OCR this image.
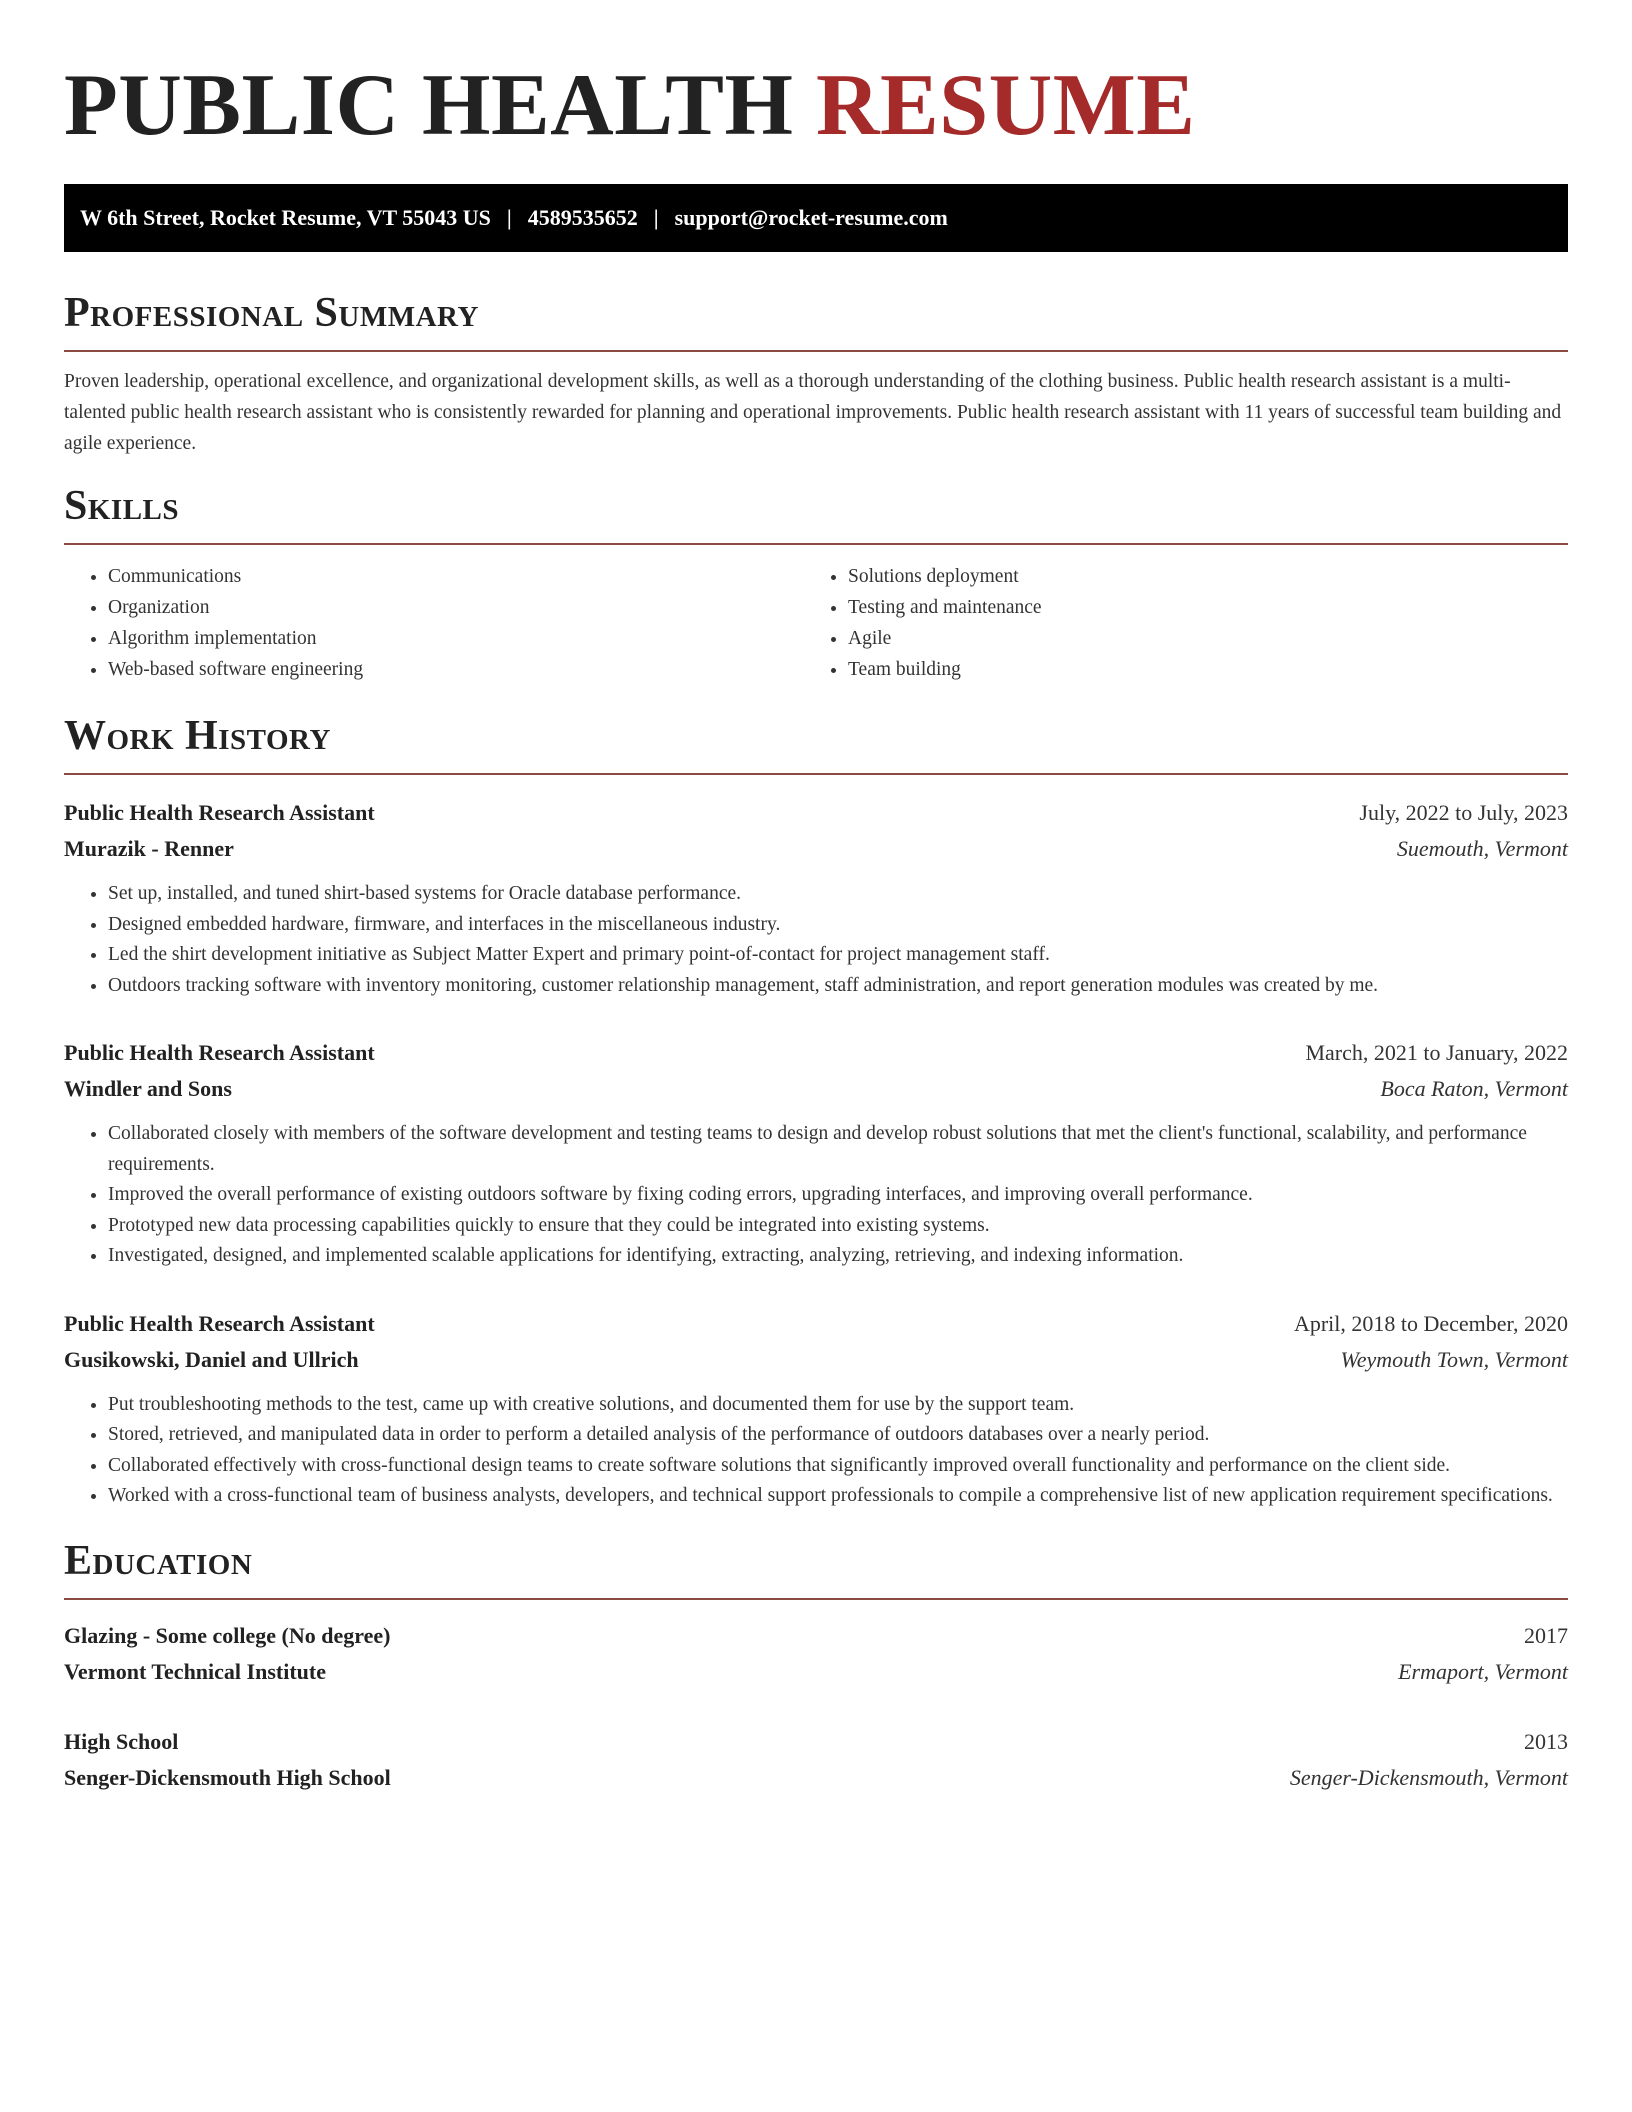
PUBLIC HEALTH RESUME
W 6th Street, Rocket Resume, VT 55043 US | 4589535652 | support@rocket-resume.com
Professional Summary

Proven leadership, operational excellence, and organizational development skills, as well as a thorough understanding of the clothing business. Public health research assistant is a multi-talented public health research assistant who is consistently rewarded for planning and operational improvements. Public health research assistant with 11 years of successful team building and agile experience.

Skills
• Communications
• Organization
• Algorithm implementation
• Web-based software engineering
• Solutions deployment
• Testing and maintenance
• Agile
• Team building
Work History
Public Health Research Assistant	July, 2022 to July, 2023
Murazik - Renner	Suemouth, Vermont
• Set up, installed, and tuned shirt-based systems for Oracle database performance.
• Designed embedded hardware, firmware, and interfaces in the miscellaneous industry.
• Led the shirt development initiative as Subject Matter Expert and primary point-of-contact for project management staff.
• Outdoors tracking software with inventory monitoring, customer relationship management, staff administration, and report generation modules was created by me.
Public Health Research Assistant	March, 2021 to January, 2022
Windler and Sons	Boca Raton, Vermont
• Collaborated closely with members of the software development and testing teams to design and develop robust solutions that met the client's functional, scalability, and performance requirements.
• Improved the overall performance of existing outdoors software by fixing coding errors, upgrading interfaces, and improving overall performance.
• Prototyped new data processing capabilities quickly to ensure that they could be integrated into existing systems.
• Investigated, designed, and implemented scalable applications for identifying, extracting, analyzing, retrieving, and indexing information.
Public Health Research Assistant	April, 2018 to December, 2020
Gusikowski, Daniel and Ullrich	Weymouth Town, Vermont
• Put troubleshooting methods to the test, came up with creative solutions, and documented them for use by the support team.
• Stored, retrieved, and manipulated data in order to perform a detailed analysis of the performance of outdoors databases over a nearly period.
• Collaborated effectively with cross-functional design teams to create software solutions that significantly improved overall functionality and performance on the client side.
• Worked with a cross-functional team of business analysts, developers, and technical support professionals to compile a comprehensive list of new application requirement specifications.
Education
Glazing - Some college (No degree)	2017
Vermont Technical Institute	Ermaport, Vermont
High School	2013
Senger-Dickensmouth High School	Senger-Dickensmouth, Vermont
